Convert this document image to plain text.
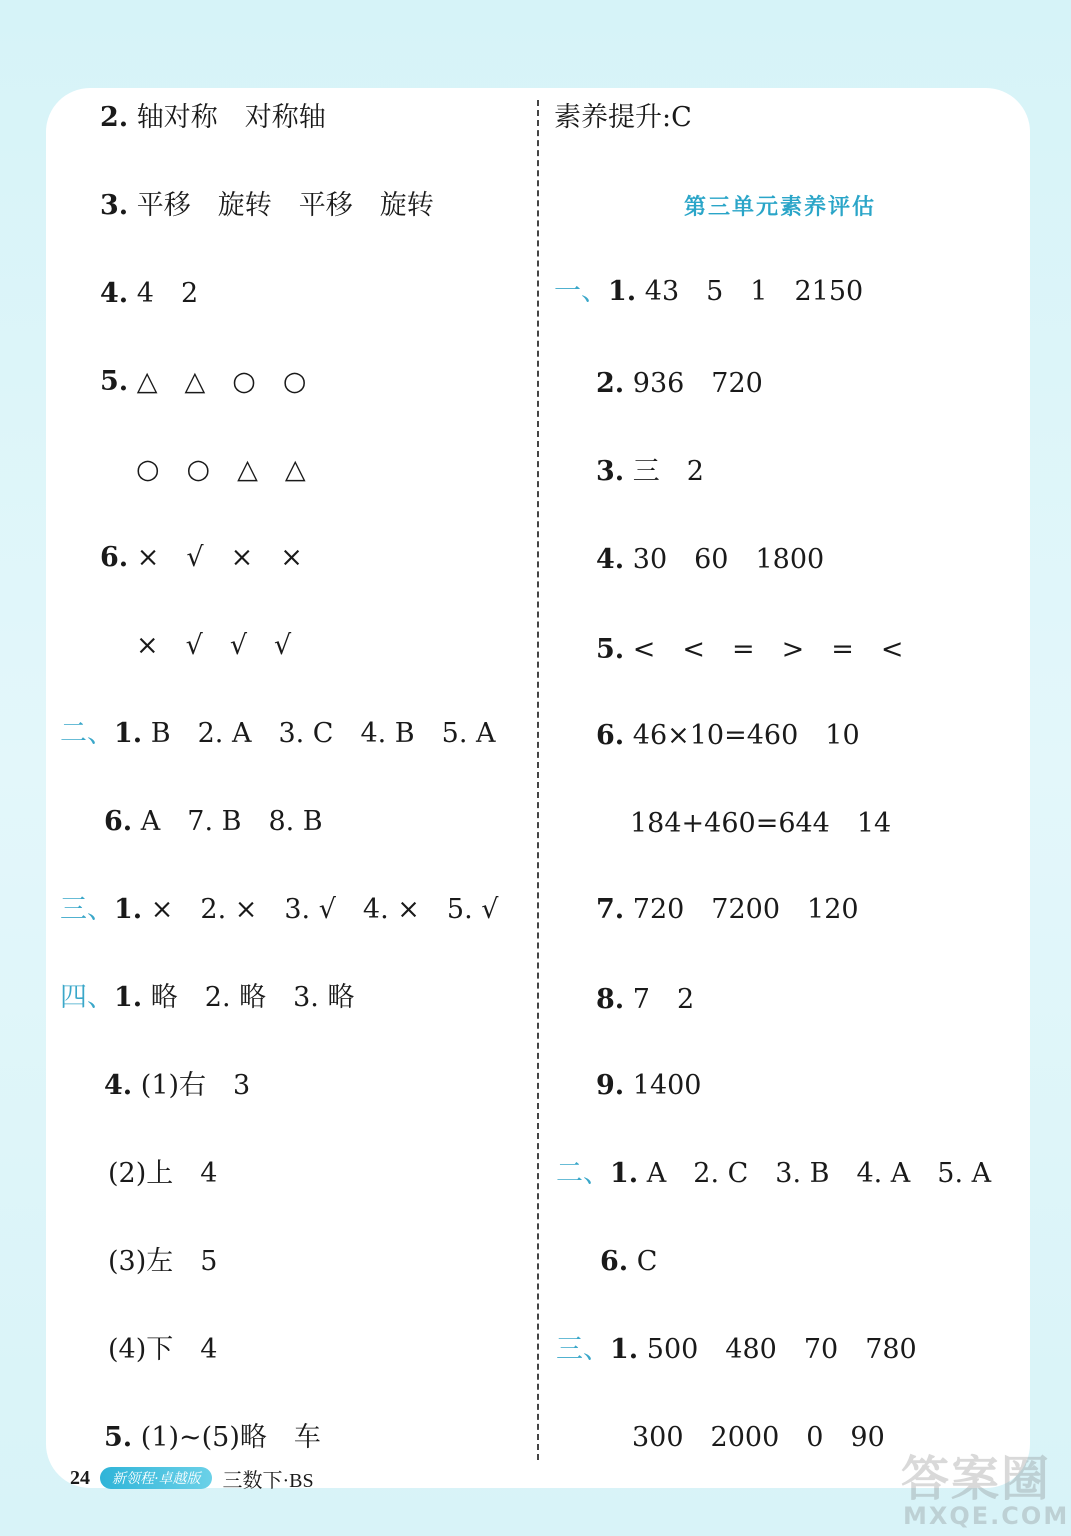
2. 轴对称　对称轴
3. 平移　旋转　平移　旋转
4. 4　2
5. △　△　○　○
○　○　△　△
6. ×　√　×　×
×　√　√　√
二、1. B　2. A　3. C　4. B　5. A
6. A　7. B　8. B
三、1. ×　2. ×　3. √　4. ×　5. √
四、1. 略　2. 略　3. 略
4. (1)右　3
(2)上　4
(3)左　5
(4)下　4
5. (1)~(5)略　车
素养提升:C
第三单元素养评估
一、1. 43　5　1　2150
2. 936　720
3. 三　2
4. 30　60　1800
5. <　<　=　>　=　<
6. 46×10=460　10
184+460=644　14
7. 720　7200　120
8. 7　2
9. 1400
二、1. A　2. C　3. B　4. A　5. A
6. C
三、1. 500　480　70　780
300　2000　0　90
24	新领程·卓越版	三数下·BS	答案圈
MXQE.COM
